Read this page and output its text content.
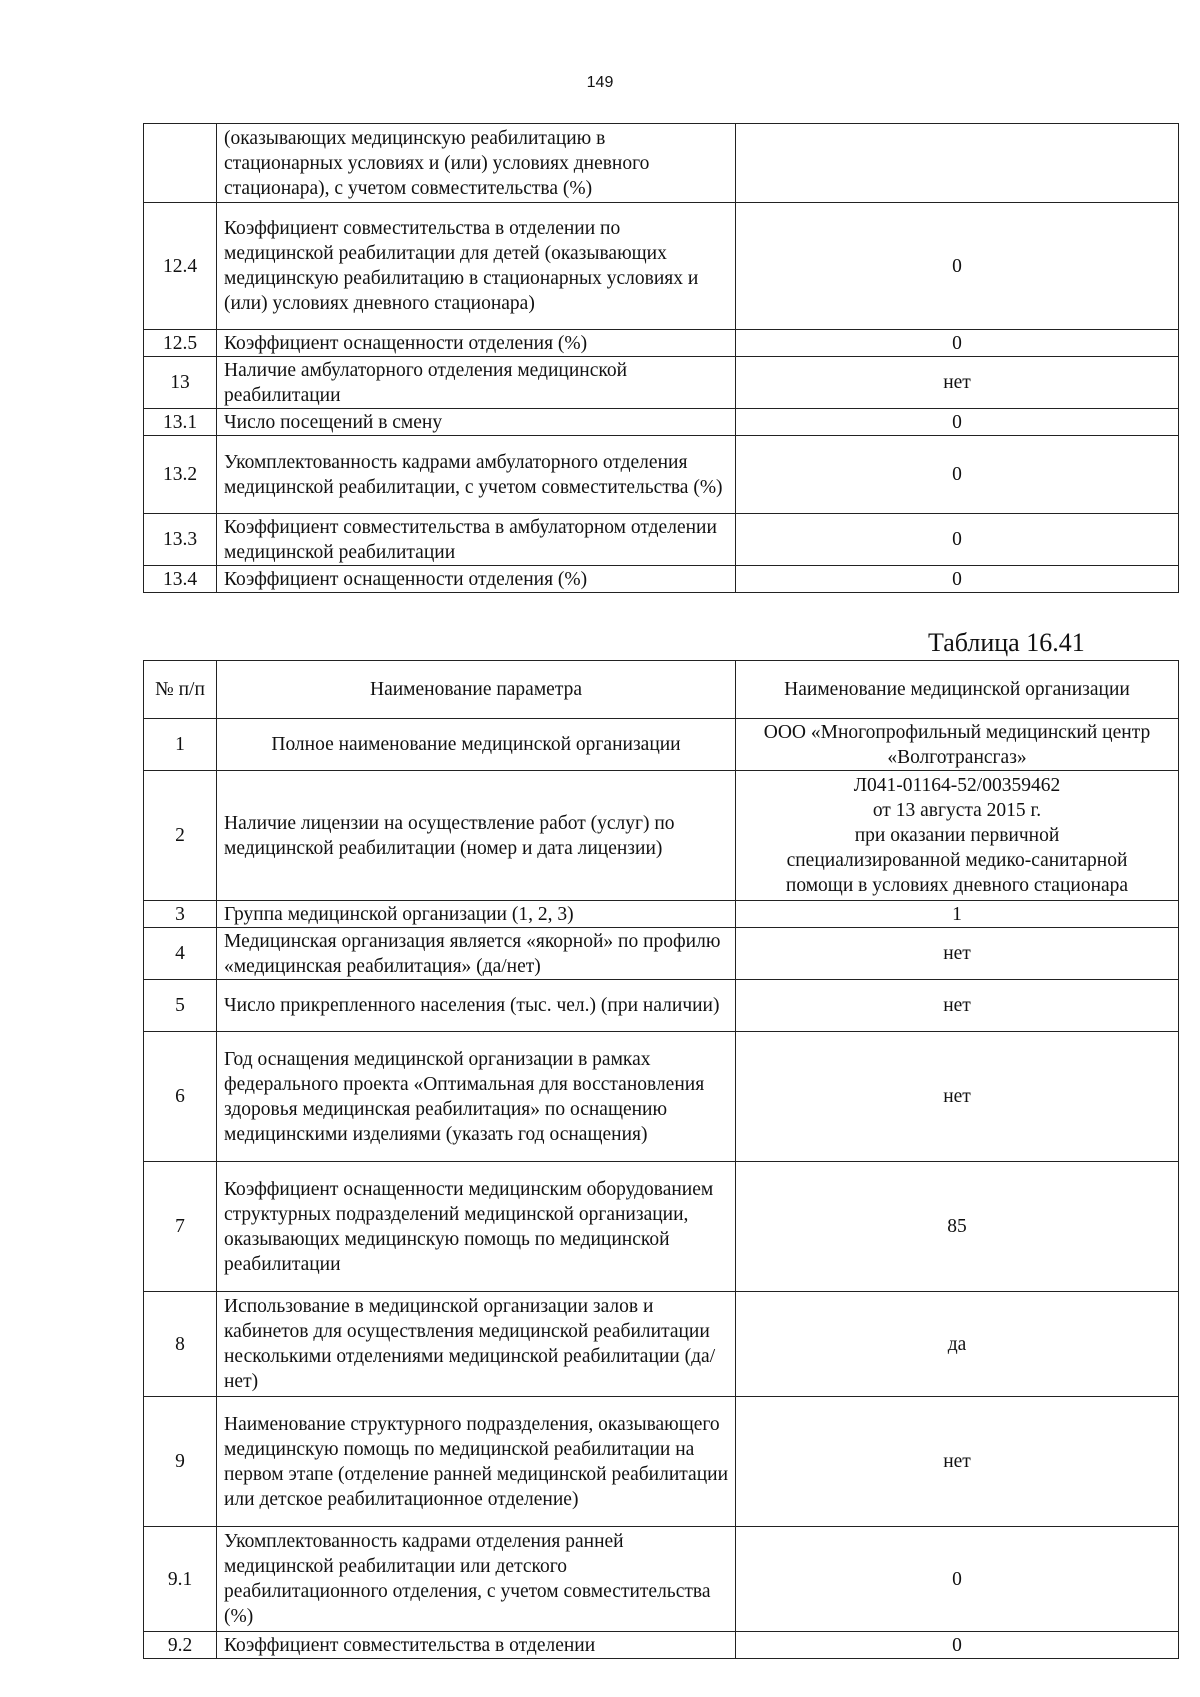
149
	(оказывающих медицинскую реабилитацию в стационарных условиях и (или) условиях дневного стационара), с учетом совместительства (%)	
12.4	Коэффициент совместительства в отделении по медицинской реабилитации для детей (оказывающих медицинскую реабилитацию в стационарных условиях и (или) условиях дневного стационара)	0
12.5	Коэффициент оснащенности отделения (%)	0
13	Наличие амбулаторного отделения медицинской реабилитации	нет
13.1	Число посещений в смену	0
13.2	Укомплектованность кадрами амбулаторного отделения медицинской реабилитации, с учетом совместительства (%)	0
13.3	Коэффициент совместительства в амбулаторном отделении медицинской реабилитации	0
13.4	Коэффициент оснащенности отделения (%)	0
Таблица 16.41
№ п/п	Наименование параметра	Наименование медицинской организации
1	Полное наименование медицинской организации	ООО «Многопрофильный медицинский центр «Волготрансгаз»
2	Наличие лицензии на осуществление работ (услуг) по медицинской реабилитации (номер и дата лицензии)	Л041-01164-52/00359462
от 13 августа 2015 г.
при оказании первичной
специализированной медико-санитарной
помощи в условиях дневного стационара

3	Группа медицинской организации (1, 2, 3)	1
4	Медицинская организация является «якорной» по профилю «медицинская реабилитация» (да/нет)	нет
5	Число прикрепленного населения (тыс. чел.) (при наличии)	нет
6	Год оснащения медицинской организации в рамках федерального проекта «Оптимальная для восстановления здоровья медицинская реабилитация» по оснащению медицинскими изделиями (указать год оснащения)	нет
7	Коэффициент оснащенности медицинским оборудованием структурных подразделений медицинской организации, оказывающих медицинскую помощь по медицинской реабилитации	85
8	Использование в медицинской организации залов и кабинетов для осуществления медицинской реабилитации несколькими отделениями медицинской реабилитации (да/нет)	да
9	Наименование структурного подразделения, оказывающего медицинскую помощь по медицинской реабилитации на первом этапе (отделение ранней медицинской реабилитации или детское реабилитационное отделение)	нет
9.1	Укомплектованность кадрами отделения ранней медицинской реабилитации или детского реабилитационного отделения, с учетом совместительства (%)	0
9.2	Коэффициент совместительства в отделении	0
